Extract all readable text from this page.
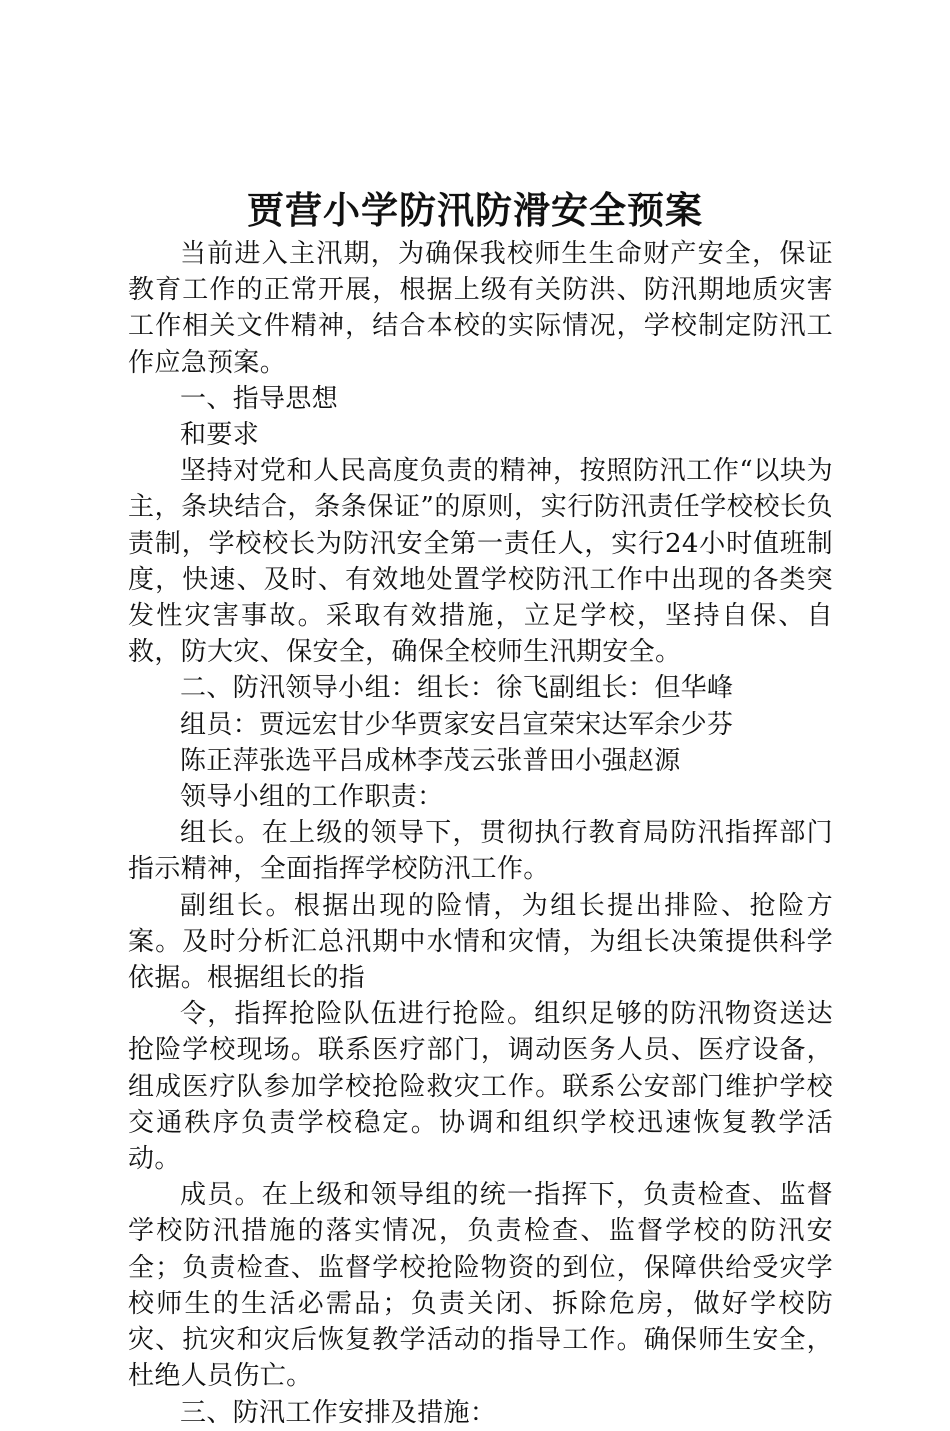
贾营小学防汛防滑安全预案

当前进入主汛期，为确保我校师生生命财产安全，保证教育工作的正常开展，根据上级有关防洪、防汛期地质灾害工作相关文件精神，结合本校的实际情况，学校制定防汛工作应急预案。

一、指导思想

和要求

坚持对党和人民高度负责的精神，按照防汛工作“以块为主，条块结合，条条保证”的原则，实行防汛责任学校校长负责制，学校校长为防汛安全第一责任人，实行24小时值班制度，快速、及时、有效地处置学校防汛工作中出现的各类突发性灾害事故。采取有效措施，立足学校，坚持自保、自救，防大灾、保安全，确保全校师生汛期安全。

二、防汛领导小组：组长：徐飞副组长：但华峰

组员：贾远宏甘少华贾家安吕宣荣宋达军余少芬

陈正萍张选平吕成林李茂云张普田小强赵源

领导小组的工作职责：

组长。在上级的领导下，贯彻执行教育局防汛指挥部门指示精神，全面指挥学校防汛工作。

副组长。根据出现的险情，为组长提出排险、抢险方案。及时分析汇总汛期中水情和灾情，为组长决策提供科学依据。根据组长的指

令，指挥抢险队伍进行抢险。组织足够的防汛物资送达抢险学校现场。联系医疗部门，调动医务人员、医疗设备，组成医疗队参加学校抢险救灾工作。联系公安部门维护学校交通秩序负责学校稳定。协调和组织学校迅速恢复教学活动。

成员。在上级和领导组的统一指挥下，负责检查、监督学校防汛措施的落实情况，负责检查、监督学校的防汛安全；负责检查、监督学校抢险物资的到位，保障供给受灾学校师生的生活必需品；负责关闭、拆除危房，做好学校防灾、抗灾和灾后恢复教学活动的指导工作。确保师生安全，杜绝人员伤亡。

三、防汛工作安排及措施：
